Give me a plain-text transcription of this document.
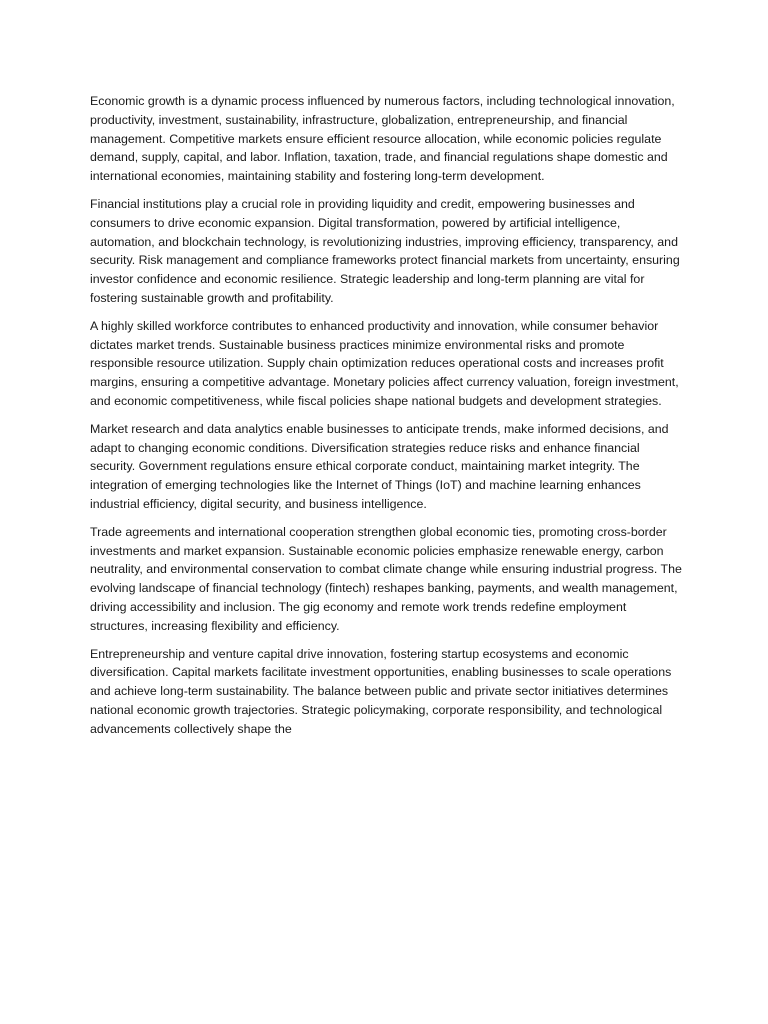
Economic growth is a dynamic process influenced by numerous factors, including technological innovation, productivity, investment, sustainability, infrastructure, globalization, entrepreneurship, and financial management. Competitive markets ensure efficient resource allocation, while economic policies regulate demand, supply, capital, and labor. Inflation, taxation, trade, and financial regulations shape domestic and international economies, maintaining stability and fostering long-term development.

Financial institutions play a crucial role in providing liquidity and credit, empowering businesses and consumers to drive economic expansion. Digital transformation, powered by artificial intelligence, automation, and blockchain technology, is revolutionizing industries, improving efficiency, transparency, and security. Risk management and compliance frameworks protect financial markets from uncertainty, ensuring investor confidence and economic resilience. Strategic leadership and long-term planning are vital for fostering sustainable growth and profitability.

A highly skilled workforce contributes to enhanced productivity and innovation, while consumer behavior dictates market trends. Sustainable business practices minimize environmental risks and promote responsible resource utilization. Supply chain optimization reduces operational costs and increases profit margins, ensuring a competitive advantage. Monetary policies affect currency valuation, foreign investment, and economic competitiveness, while fiscal policies shape national budgets and development strategies.

Market research and data analytics enable businesses to anticipate trends, make informed decisions, and adapt to changing economic conditions. Diversification strategies reduce risks and enhance financial security. Government regulations ensure ethical corporate conduct, maintaining market integrity. The integration of emerging technologies like the Internet of Things (IoT) and machine learning enhances industrial efficiency, digital security, and business intelligence.

Trade agreements and international cooperation strengthen global economic ties, promoting cross-border investments and market expansion. Sustainable economic policies emphasize renewable energy, carbon neutrality, and environmental conservation to combat climate change while ensuring industrial progress. The evolving landscape of financial technology (fintech) reshapes banking, payments, and wealth management, driving accessibility and inclusion. The gig economy and remote work trends redefine employment structures, increasing flexibility and efficiency.

Entrepreneurship and venture capital drive innovation, fostering startup ecosystems and economic diversification. Capital markets facilitate investment opportunities, enabling businesses to scale operations and achieve long-term sustainability. The balance between public and private sector initiatives determines national economic growth trajectories. Strategic policymaking, corporate responsibility, and technological advancements collectively shape the
